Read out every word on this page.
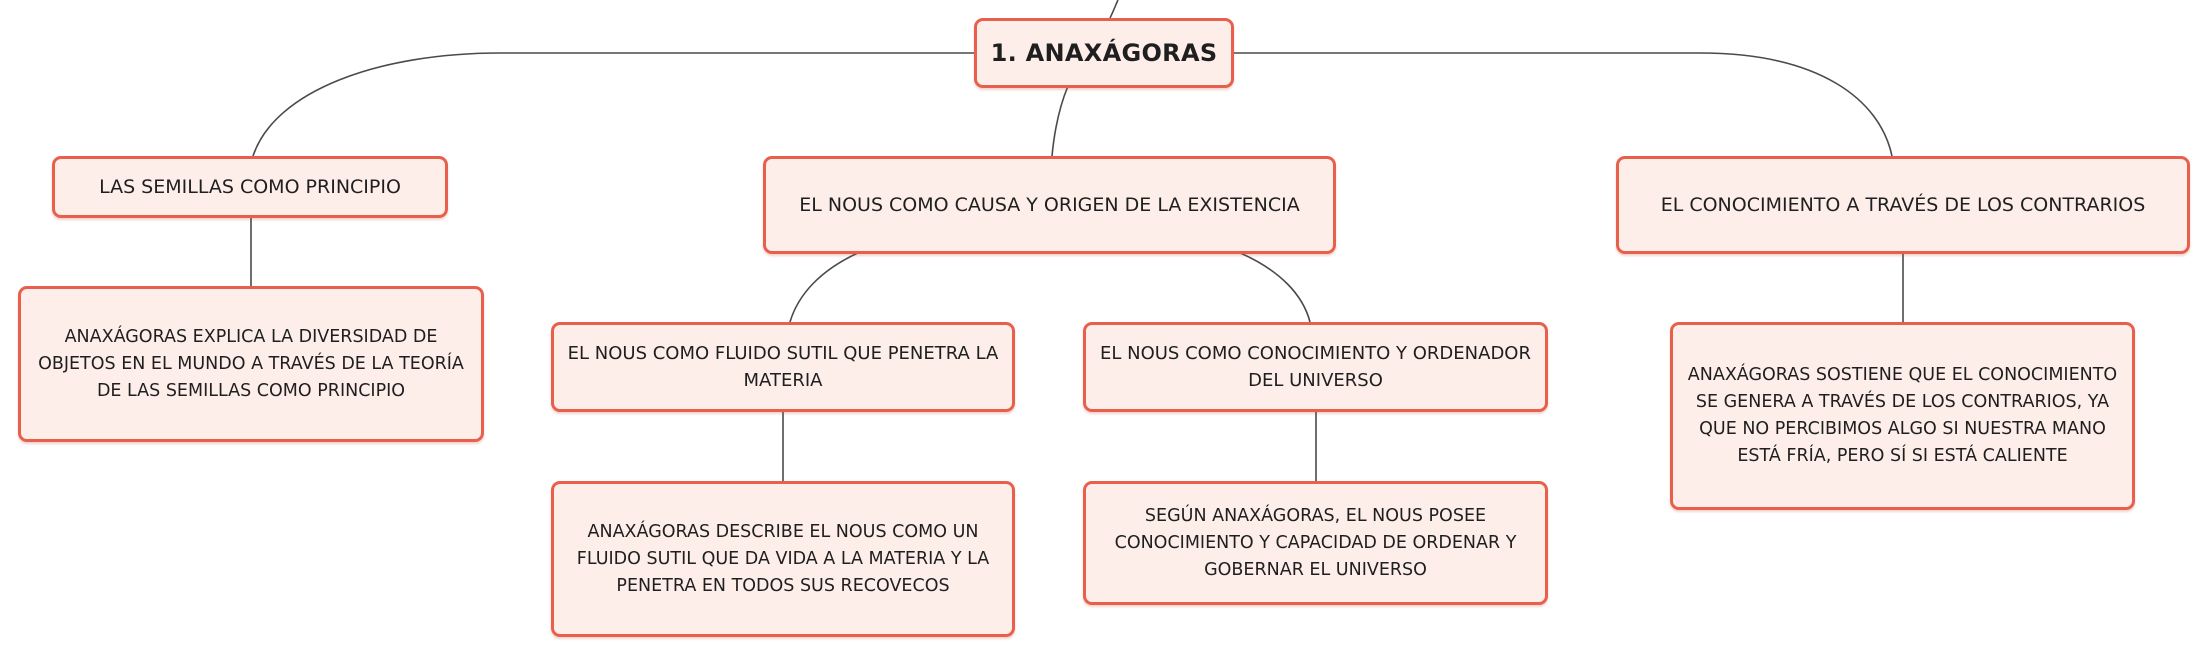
1. ANAXÁGORAS
LAS SEMILLAS COMO PRINCIPIO
EL NOUS COMO CAUSA Y ORIGEN DE LA EXISTENCIA	EL CONOCIMIENTO A TRAVÉS DE LOS CONTRARIOS
ANAXÁGORAS EXPLICA LA DIVERSIDAD DE OBJETOS EN EL MUNDO A TRAVÉS DE LA TEORÍA DE LAS SEMILLAS COMO PRINCIPIO
EL NOUS COMO FLUIDO SUTIL QUE PENETRA LA MATERIA
EL NOUS COMO CONOCIMIENTO Y ORDENADOR DEL UNIVERSO
ANAXÁGORAS DESCRIBE EL NOUS COMO UN FLUIDO SUTIL QUE DA VIDA A LA MATERIA Y LA PENETRA EN TODOS SUS RECOVECOS
SEGÚN ANAXÁGORAS, EL NOUS POSEE CONOCIMIENTO Y CAPACIDAD DE ORDENAR Y GOBERNAR EL UNIVERSO
ANAXÁGORAS SOSTIENE QUE EL CONOCIMIENTO SE GENERA A TRAVÉS DE LOS CONTRARIOS, YA QUE NO PERCIBIMOS ALGO SI NUESTRA MANO ESTÁ FRÍA, PERO SÍ SI ESTÁ CALIENTE
